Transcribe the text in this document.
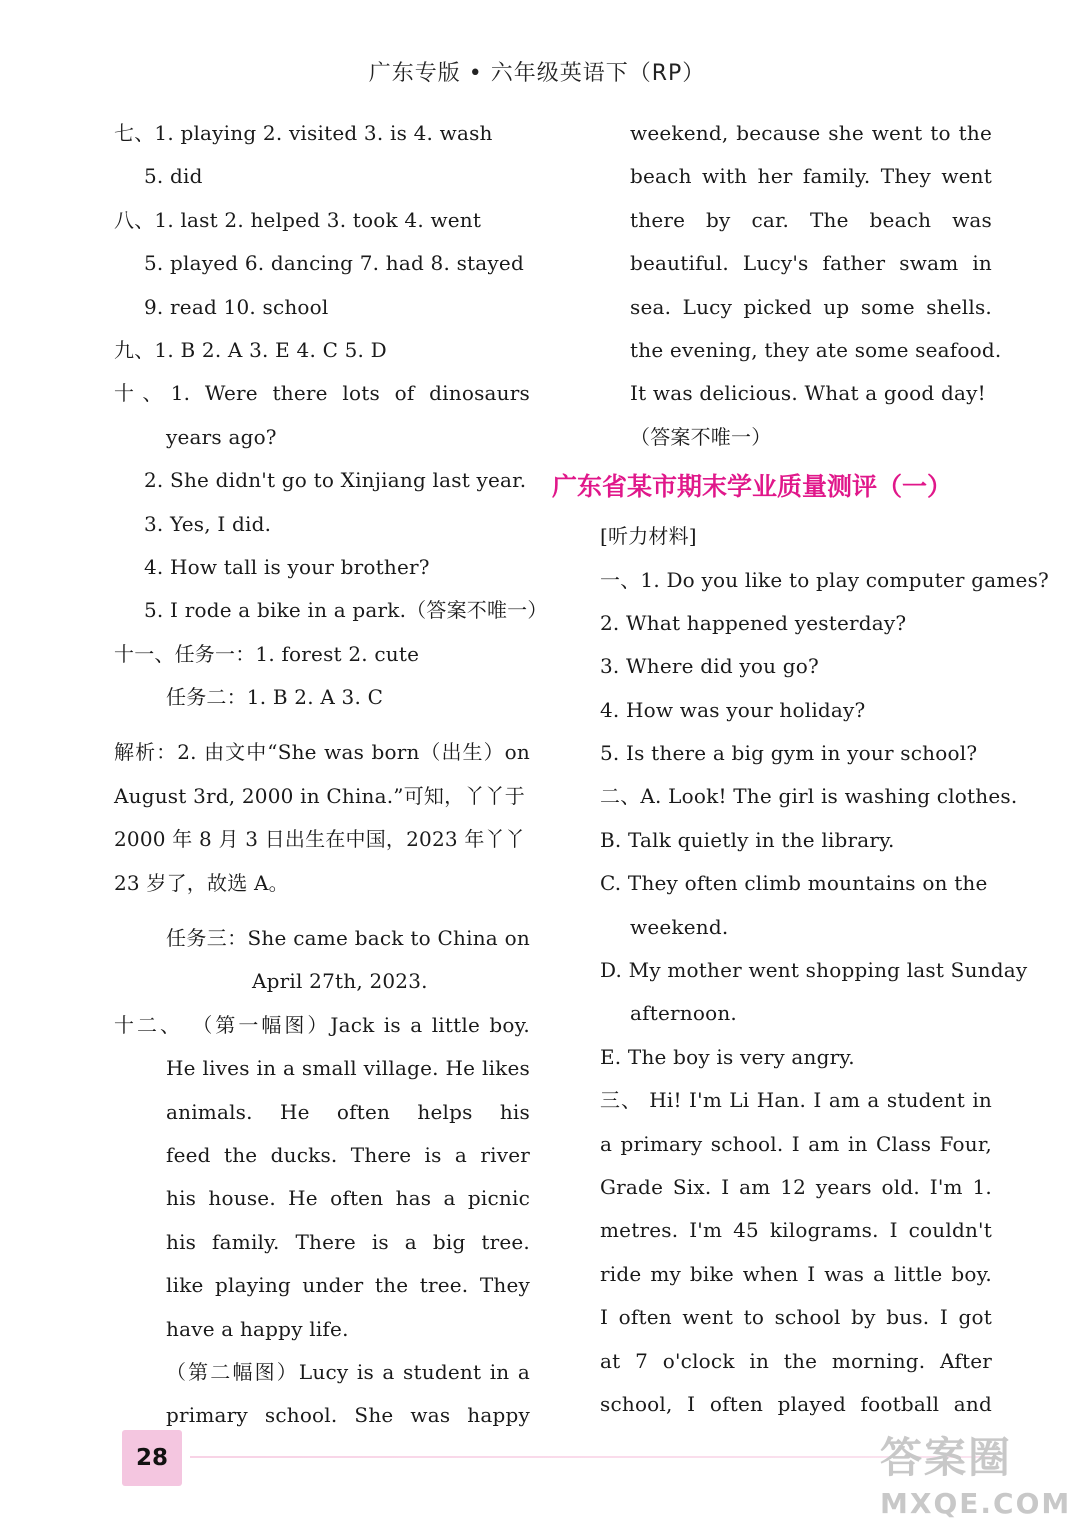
广东专版 • 六年级英语下（RP）
七、1. playing 2. visited 3. is 4. wash
5. did
八、1. last 2. helped 3. took 4. went
5. played 6. dancing 7. had 8. stayed
9. read 10. school
九、1. B 2. A 3. E 4. C 5. D
十、1. Were there lots of dinosaurs
years ago?
2. She didn't go to Xinjiang last year.
3. Yes, I did.
4. How tall is your brother?
5. I rode a bike in a park.（答案不唯一）
十一、任务一：1. forest 2. cute
任务二：1. B 2. A 3. C
解析：2. 由文中“She was born（出生）on
August 3rd, 2000 in China.”可知，丫丫于
2000 年 8 月 3 日出生在中国，2023 年丫丫
23 岁了，故选 A。
任务三：She came back to China on
April 27th, 2023.
十二、 （第一幅图）Jack is a little boy.
He lives in a small village. He likes
animals. He often helps his
feed the ducks. There is a river
his house. He often has a picnic
his family. There is a big tree.
like playing under the tree. They
have a happy life.
（第二幅图）Lucy is a student in a
primary school. She was happy
weekend, because she went to the
beach with her family. They went
there by car. The beach was
beautiful. Lucy's father swam in
sea. Lucy picked up some shells.
the evening, they ate some seafood.
It was delicious. What a good day!
（答案不唯一）
广东省某市期末学业质量测评（一）
[听力材料]
一、1. Do you like to play computer games?
2. What happened yesterday?
3. Where did you go?
4. How was your holiday?
5. Is there a big gym in your school?
二、A. Look! The girl is washing clothes.
B. Talk quietly in the library.
C. They often climb mountains on the
weekend.
D. My mother went shopping last Sunday
afternoon.
E. The boy is very angry.
三、 Hi! I'm Li Han. I am a student in
a primary school. I am in Class Four,
Grade Six. I am 12 years old. I'm 1.
metres. I'm 45 kilograms. I couldn't
ride my bike when I was a little boy.
I often went to school by bus. I got
at 7 o'clock in the morning. After
school, I often played football and
28	答案圈
MXQE.COM
